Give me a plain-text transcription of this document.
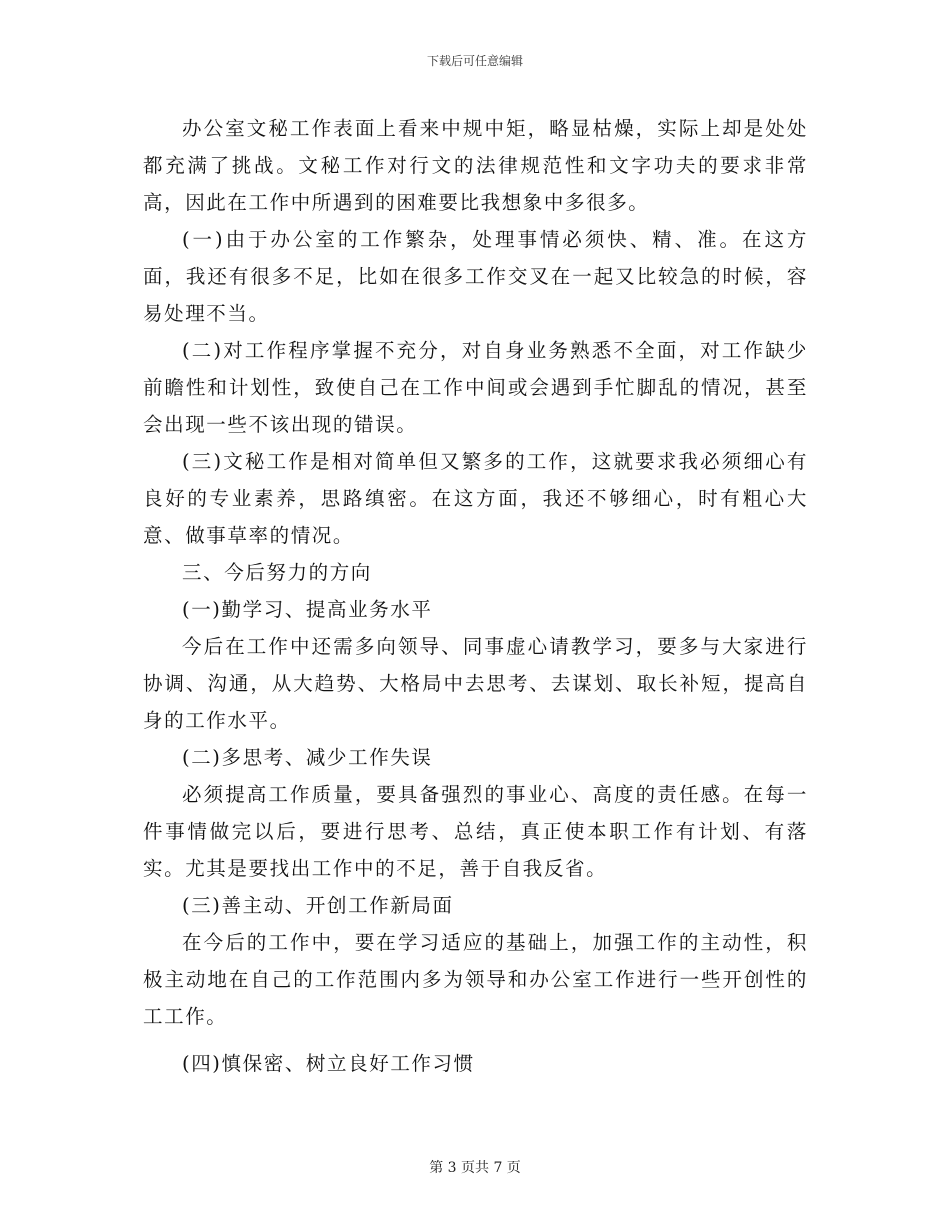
下载后可任意编辑

办公室文秘工作表面上看来中规中矩，略显枯燥，实际上却是处处都充满了挑战。文秘工作对行文的法律规范性和文字功夫的要求非常高，因此在工作中所遇到的困难要比我想象中多很多。

(一)由于办公室的工作繁杂，处理事情必须快、精、准。在这方面，我还有很多不足，比如在很多工作交叉在一起又比较急的时候，容易处理不当。

(二)对工作程序掌握不充分，对自身业务熟悉不全面，对工作缺少前瞻性和计划性，致使自己在工作中间或会遇到手忙脚乱的情况，甚至会出现一些不该出现的错误。

(三)文秘工作是相对简单但又繁多的工作，这就要求我必须细心有良好的专业素养，思路缜密。在这方面，我还不够细心，时有粗心大意、做事草率的情况。

三、今后努力的方向

(一)勤学习、提高业务水平

今后在工作中还需多向领导、同事虚心请教学习，要多与大家进行协调、沟通，从大趋势、大格局中去思考、去谋划、取长补短，提高自身的工作水平。

(二)多思考、减少工作失误

必须提高工作质量，要具备强烈的事业心、高度的责任感。在每一件事情做完以后，要进行思考、总结，真正使本职工作有计划、有落实。尤其是要找出工作中的不足，善于自我反省。

(三)善主动、开创工作新局面

在今后的工作中，要在学习适应的基础上，加强工作的主动性，积极主动地在自己的工作范围内多为领导和办公室工作进行一些开创性的工工作。

(四)慎保密、树立良好工作习惯

第 3 页共 7 页
